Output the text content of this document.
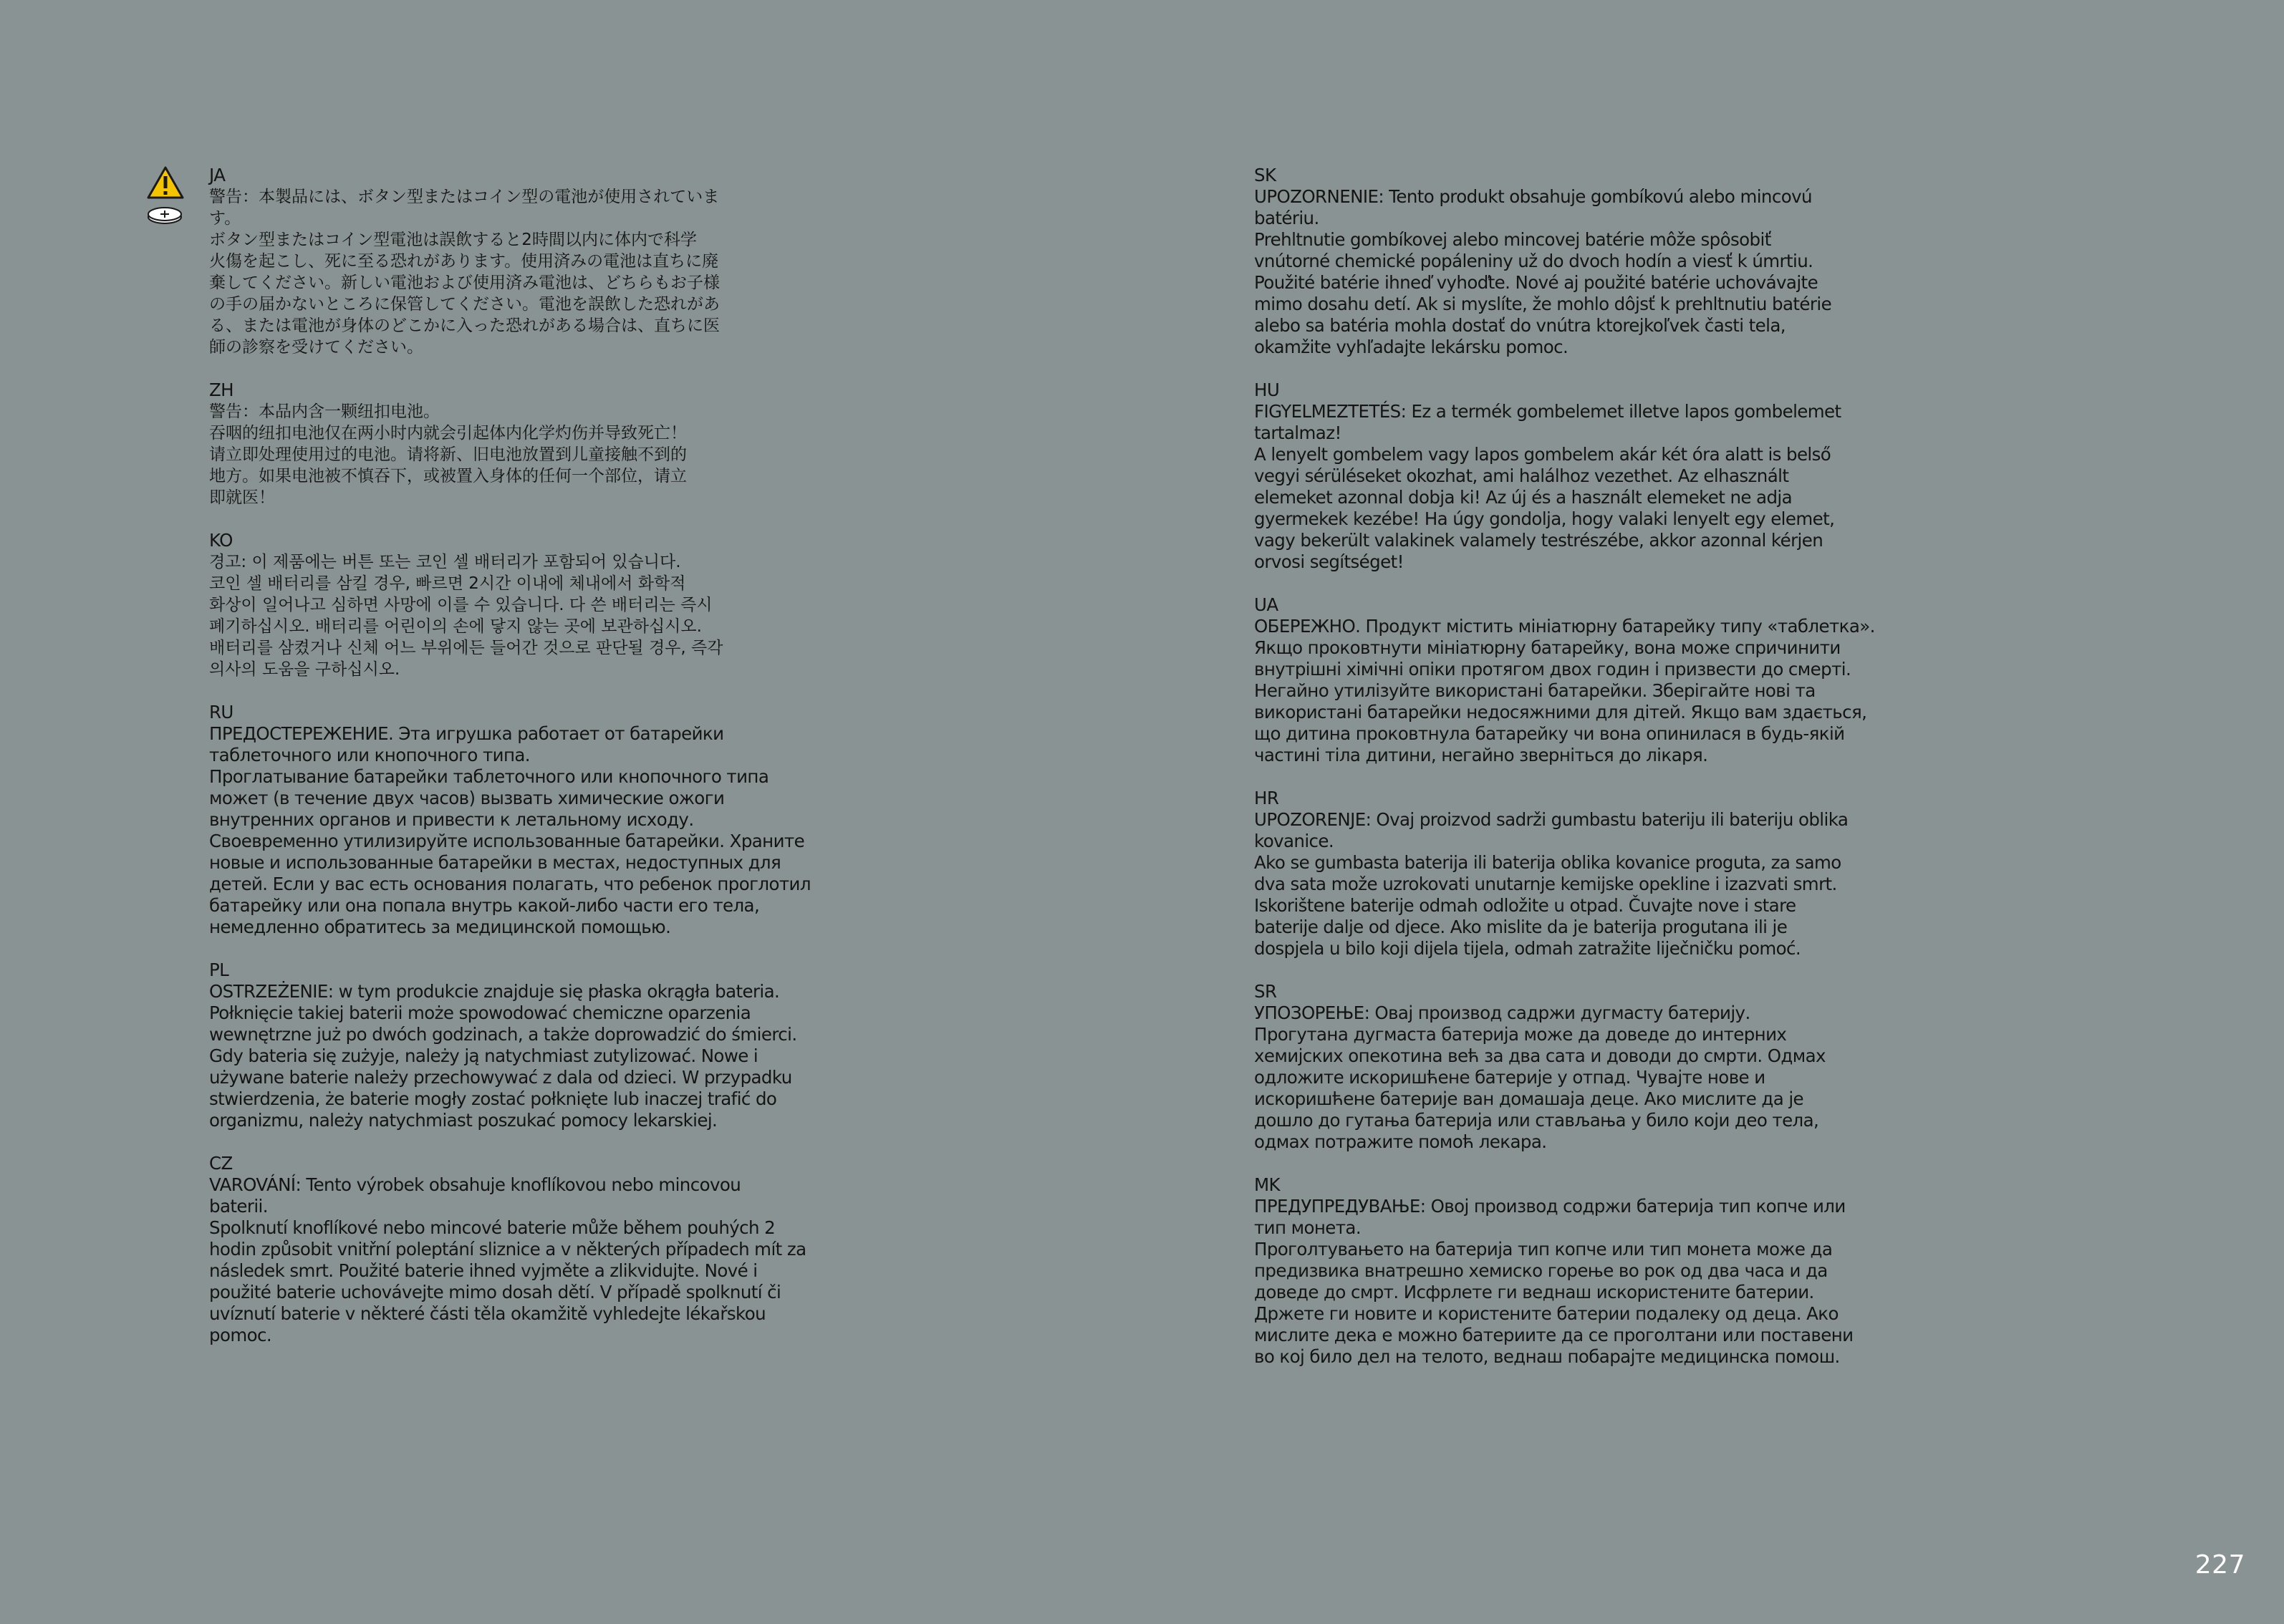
JA

警告：本製品には、ボタン型またはコイン型の電池が使用されていま
す。
ボタン型またはコイン型電池は誤飲すると2時間以内に体内で科学
火傷を起こし、死に至る恐れがあります。使用済みの電池は直ちに廃
棄してください。新しい電池および使用済み電池は、どちらもお子様
の手の届かないところに保管してください。電池を誤飲した恐れがあ
る、または電池が身体のどこかに入った恐れがある場合は、直ちに医
師の診察を受けてください。

ZH

警告：本品内含一颗纽扣电池。
吞咽的纽扣电池仅在两小时内就会引起体内化学灼伤并导致死亡！
请立即处理使用过的电池。请将新、旧电池放置到儿童接触不到的
地方。如果电池被不慎吞下，或被置入身体的任何一个部位，请立
即就医！

KO

경고: 이 제품에는 버튼 또는 코인 셀 배터리가 포함되어 있습니다.
코인 셀 배터리를 삼킬 경우, 빠르면 2시간 이내에 체내에서 화학적
화상이 일어나고 심하면 사망에 이를 수 있습니다. 다 쓴 배터리는 즉시
폐기하십시오. 배터리를 어린이의 손에 닿지 않는 곳에 보관하십시오.
배터리를 삼켰거나 신체 어느 부위에든 들어간 것으로 판단될 경우, 즉각
의사의 도움을 구하십시오.

RU

ПРЕДОСТЕРЕЖЕНИЕ. Эта игрушка работает от батарейки
таблеточного или кнопочного типа.
Проглатывание батарейки таблеточного или кнопочного типа
может (в течение двух часов) вызвать химические ожоги
внутренних органов и привести к летальному исходу.
Своевременно утилизируйте использованные батарейки. Храните
новые и использованные батарейки в местах, недоступных для
детей. Если у вас есть основания полагать, что ребенок проглотил
батарейку или она попала внутрь какой-либо части его тела,
немедленно обратитесь за медицинской помощью.

PL

OSTRZEŻENIE: w tym produkcie znajduje się płaska okrągła bateria.
Połknięcie takiej baterii może spowodować chemiczne oparzenia
wewnętrzne już po dwóch godzinach, a także doprowadzić do śmierci.
Gdy bateria się zużyje, należy ją natychmiast zutylizować. Nowe i
używane baterie należy przechowywać z dala od dzieci. W przypadku
stwierdzenia, że baterie mogły zostać połknięte lub inaczej trafić do
organizmu, należy natychmiast poszukać pomocy lekarskiej.

CZ

VAROVÁNÍ: Tento výrobek obsahuje knoflíkovou nebo mincovou
baterii.
Spolknutí knoflíkové nebo mincové baterie může během pouhých 2
hodin způsobit vnitřní poleptání sliznice a v některých případech mít za
následek smrt. Použité baterie ihned vyjměte a zlikvidujte. Nové i
použité baterie uchovávejte mimo dosah dětí. V případě spolknutí či
uvíznutí baterie v některé části těla okamžitě vyhledejte lékařskou
pomoc.

SK

UPOZORNENIE: Tento produkt obsahuje gombíkovú alebo mincovú
batériu.
Prehltnutie gombíkovej alebo mincovej batérie môže spôsobiť
vnútorné chemické popáleniny už do dvoch hodín a viesť k úmrtiu.
Použité batérie ihneď vyhoďte. Nové aj použité batérie uchovávajte
mimo dosahu detí. Ak si myslíte, že mohlo dôjsť k prehltnutiu batérie
alebo sa batéria mohla dostať do vnútra ktorejkoľvek časti tela,
okamžite vyhľadajte lekársku pomoc.

HU

FIGYELMEZTETÉS: Ez a termék gombelemet illetve lapos gombelemet
tartalmaz!
A lenyelt gombelem vagy lapos gombelem akár két óra alatt is belső
vegyi sérüléseket okozhat, ami halálhoz vezethet. Az elhasznált
elemeket azonnal dobja ki! Az új és a használt elemeket ne adja
gyermekek kezébe! Ha úgy gondolja, hogy valaki lenyelt egy elemet,
vagy bekerült valakinek valamely testrészébe, akkor azonnal kérjen
orvosi segítséget!

UA

ОБЕРЕЖНО. Продукт містить мініатюрну батарейку типу «таблетка».
Якщо проковтнути мініатюрну батарейку, вона може спричинити
внутрішні хімічні опіки протягом двох годин і призвести до смерті.
Негайно утилізуйте використані батарейки. Зберігайте нові та
використані батарейки недосяжними для дітей. Якщо вам здається,
що дитина проковтнула батарейку чи вона опинилася в будь-якій
частині тіла дитини, негайно зверніться до лікаря.

HR

UPOZORENJE: Ovaj proizvod sadrži gumbastu bateriju ili bateriju oblika
kovanice.
Ako se gumbasta baterija ili baterija oblika kovanice proguta, za samo
dva sata može uzrokovati unutarnje kemijske opekline i izazvati smrt.
Iskorištene baterije odmah odložite u otpad. Čuvajte nove i stare
baterije dalje od djece. Ako mislite da je baterija progutana ili je
dospjela u bilo koji dijela tijela, odmah zatražite liječničku pomoć.

SR

УПОЗОРЕЊЕ: Овај производ садржи дугмасту батерију.
Прогутана дугмаста батерија може да доведе до интерних
хемијских опекотина већ за два сата и доводи до смрти. Одмах
одложите искоришћене батерије у отпад. Чувајте нове и
искоришћене батерије ван домашаја деце. Ако мислите да је
дошло до гутања батерија или стављања у било који део тела,
одмах потражите помоћ лекара.

MK

ПРЕДУПРЕДУВАЊЕ: Овој производ содржи батерија тип копче или
тип монета.
Проголтувањето на батерија тип копче или тип монета може да
предизвика внатрешно хемиско горење во рок од два часа и да
доведе до смрт. Исфрлете ги веднаш искористените батерии.
Држете ги новите и користените батерии подалеку од деца. Ако
мислите дека е можно батериите да се проголтани или поставени
во кој било дел на телото, веднаш побарајте медицинска помош.

227
